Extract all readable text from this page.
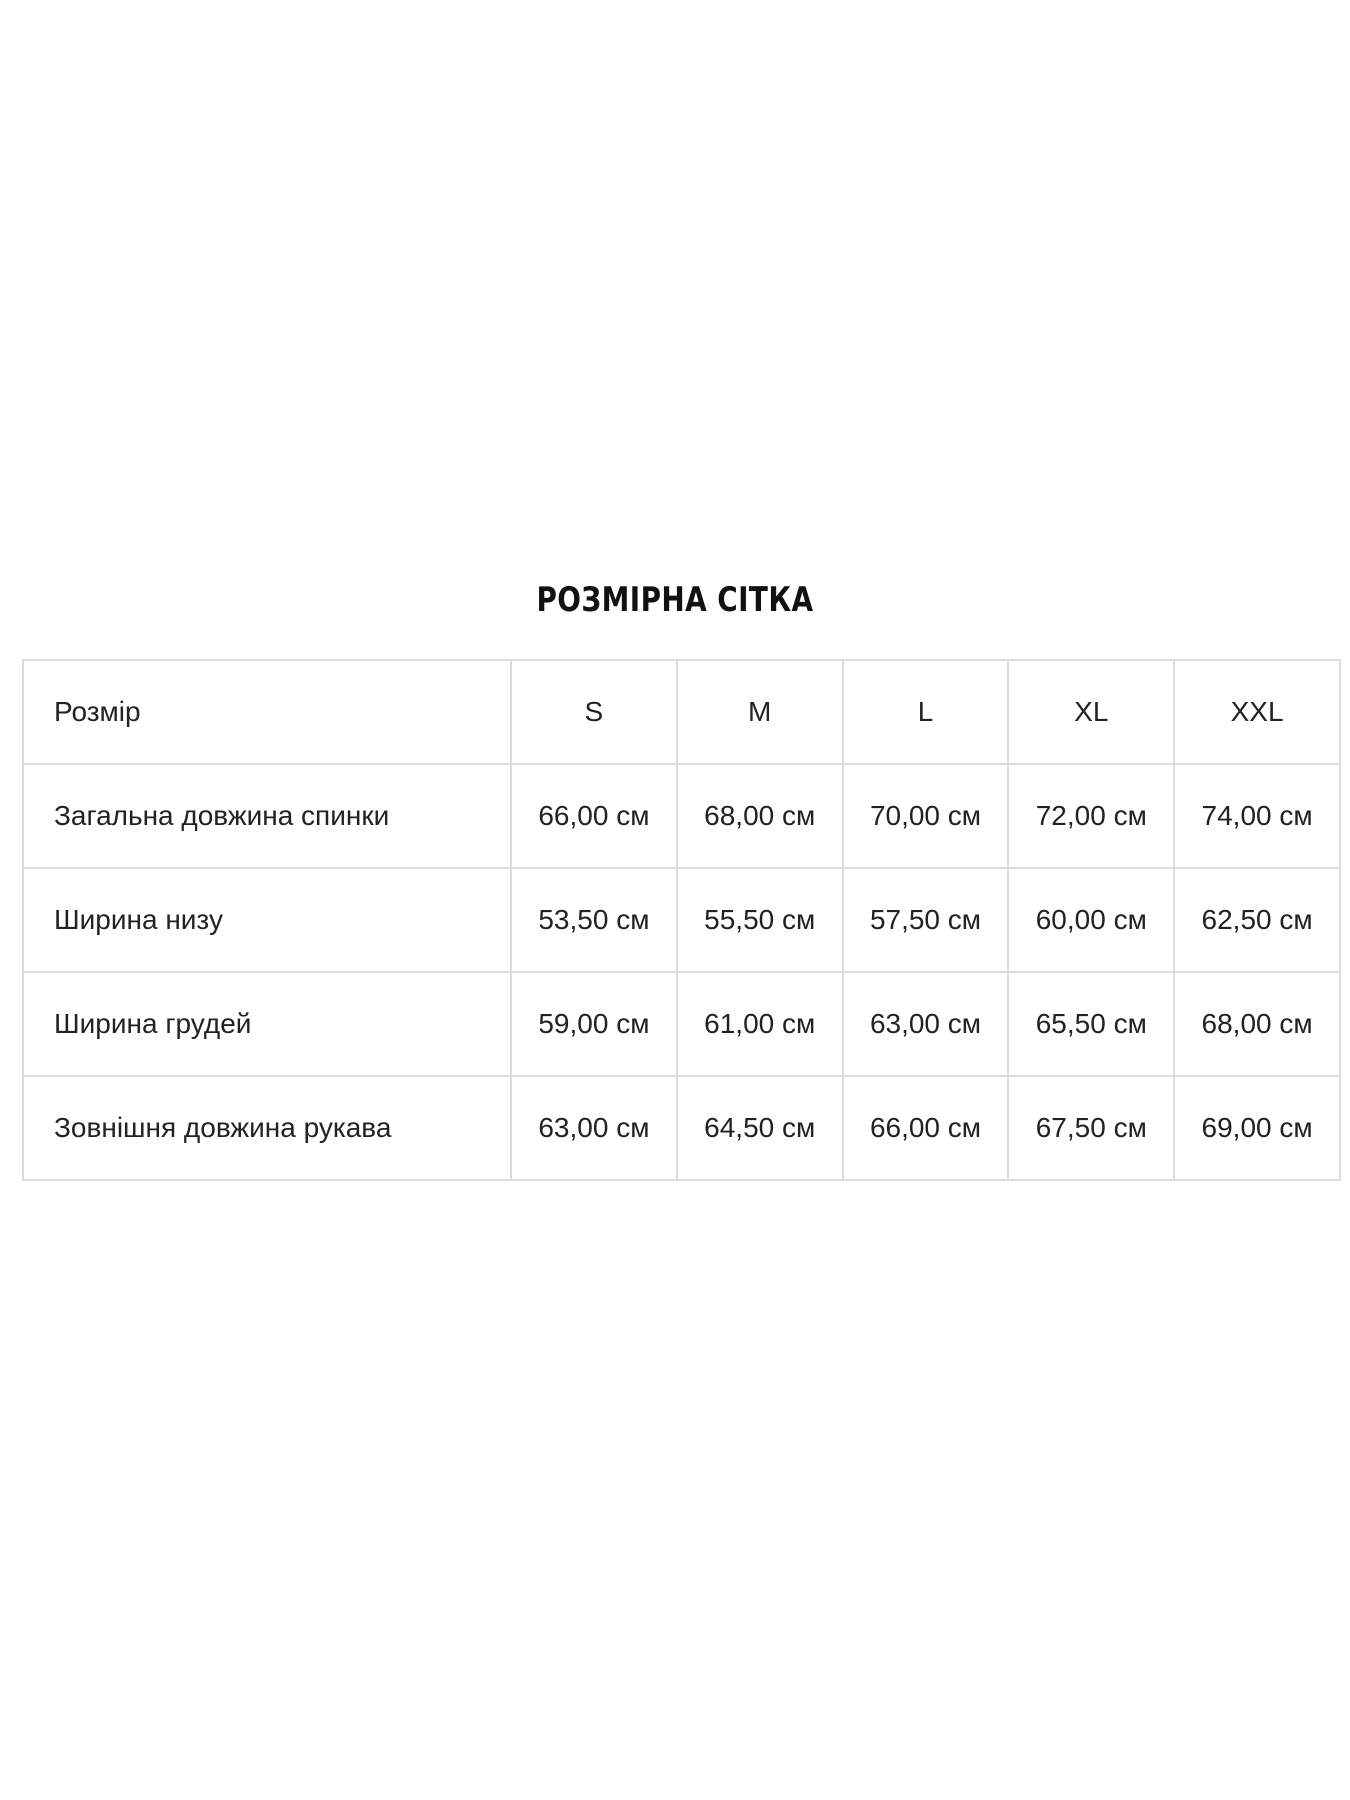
РОЗМІРНА СІТКА
Розмір	S	M	L	XL	XXL
Загальна довжина спинки	66,00 см	68,00 см	70,00 см	72,00 см	74,00 см
Ширина низу	53,50 см	55,50 см	57,50 см	60,00 см	62,50 см
Ширина грудей	59,00 см	61,00 см	63,00 см	65,50 см	68,00 см
Зовнішня довжина рукава	63,00 см	64,50 см	66,00 см	67,50 см	69,00 см
